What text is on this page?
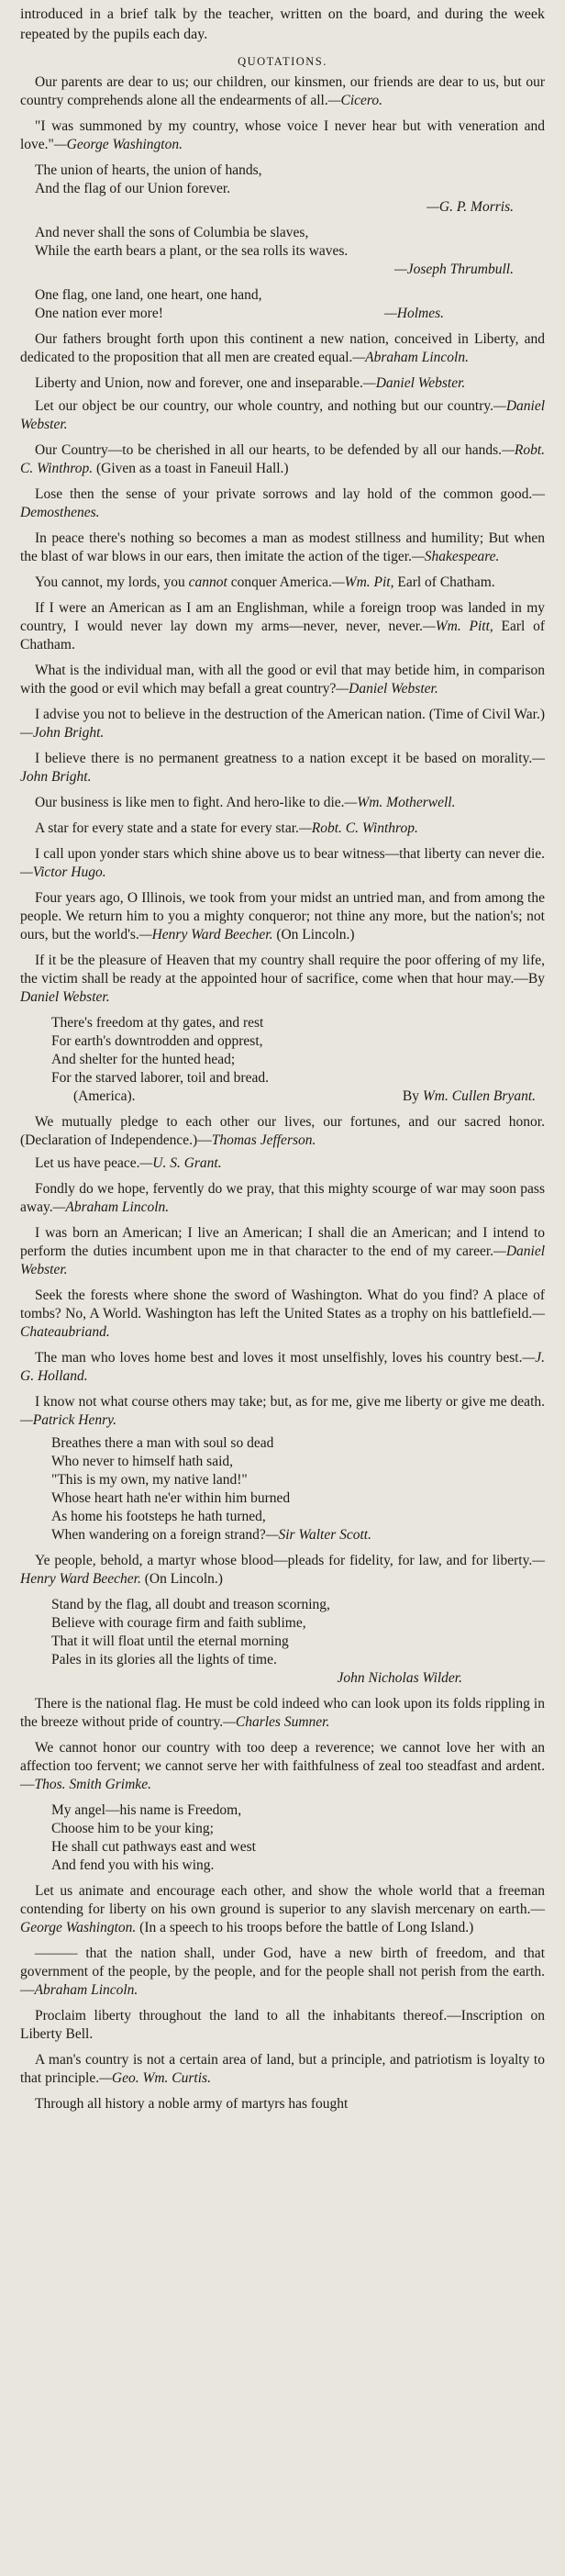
introduced in a brief talk by the teacher, written on the board, and during the week repeated by the pupils each day.

QUOTATIONS.

Our parents are dear to us; our children, our kinsmen, our friends are dear to us, but our country comprehends alone all the endearments of all.—Cicero.

"I was summoned by my country, whose voice I never hear but with veneration and love."—George Washington.

The union of hearts, the union of hands,
And the flag of our Union forever.
—G. P. Morris.
And never shall the sons of Columbia be slaves,
While the earth bears a plant, or the sea rolls its waves.
—Joseph Thrumbull.
One flag, one land, one heart, one hand,
One nation ever more!	—Holmes.

Our fathers brought forth upon this continent a new nation, conceived in Liberty, and dedicated to the proposition that all men are created equal.—Abraham Lincoln.

Liberty and Union, now and forever, one and inseparable.—Daniel Webster.

Let our object be our country, our whole country, and nothing but our country.—Daniel Webster.

Our Country—to be cherished in all our hearts, to be defended by all our hands.—Robt. C. Winthrop. (Given as a toast in Faneuil Hall.)

Lose then the sense of your private sorrows and lay hold of the common good.—Demosthenes.

In peace there's nothing so becomes a man as modest stillness and humility; But when the blast of war blows in our ears, then imitate the action of the tiger.—Shakespeare.

You cannot, my lords, you cannot conquer America.—Wm. Pit, Earl of Chatham.

If I were an American as I am an Englishman, while a foreign troop was landed in my country, I would never lay down my arms—never, never, never.—Wm. Pitt, Earl of Chatham.

What is the individual man, with all the good or evil that may betide him, in comparison with the good or evil which may befall a great country?—Daniel Webster.

I advise you not to believe in the destruction of the American nation. (Time of Civil War.)—John Bright.

I believe there is no permanent greatness to a nation except it be based on morality.—John Bright.

Our business is like men to fight. And hero-like to die.—Wm. Motherwell.

A star for every state and a state for every star.—Robt. C. Winthrop.

I call upon yonder stars which shine above us to bear witness—that liberty can never die.—Victor Hugo.

Four years ago, O Illinois, we took from your midst an untried man, and from among the people. We return him to you a mighty conqueror; not thine any more, but the nation's; not ours, but the world's.—Henry Ward Beecher. (On Lincoln.)

If it be the pleasure of Heaven that my country shall require the poor offering of my life, the victim shall be ready at the appointed hour of sacrifice, come when that hour may.—By Daniel Webster.

There's freedom at thy gates, and rest
For earth's downtrodden and opprest,
And shelter for the hunted head;
For the starved laborer, toil and bread.
(America).	By Wm. Cullen Bryant.

We mutually pledge to each other our lives, our fortunes, and our sacred honor. (Declaration of Independence.)—Thomas Jefferson.

Let us have peace.—U. S. Grant.

Fondly do we hope, fervently do we pray, that this mighty scourge of war may soon pass away.—Abraham Lincoln.

I was born an American; I live an American; I shall die an American; and I intend to perform the duties incumbent upon me in that character to the end of my career.—Daniel Webster.

Seek the forests where shone the sword of Washington. What do you find? A place of tombs? No, A World. Washington has left the United States as a trophy on his battlefield.—Chateaubriand.

The man who loves home best and loves it most unselfishly, loves his country best.—J. G. Holland.

I know not what course others may take; but, as for me, give me liberty or give me death.—Patrick Henry.

Breathes there a man with soul so dead
Who never to himself hath said,
"This is my own, my native land!"
Whose heart hath ne'er within him burned
As home his footsteps he hath turned,
When wandering on a foreign strand?—Sir Walter Scott.

Ye people, behold, a martyr whose blood—pleads for fidelity, for law, and for liberty.—Henry Ward Beecher. (On Lincoln.)

Stand by the flag, all doubt and treason scorning,
Believe with courage firm and faith sublime,
That it will float until the eternal morning
Pales in its glories all the lights of time.
John Nicholas Wilder.

There is the national flag. He must be cold indeed who can look upon its folds rippling in the breeze without pride of country.—Charles Sumner.

We cannot honor our country with too deep a reverence; we cannot love her with an affection too fervent; we cannot serve her with faithfulness of zeal too steadfast and ardent.—Thos. Smith Grimke.

My angel—his name is Freedom,
Choose him to be your king;
He shall cut pathways east and west
And fend you with his wing.

Let us animate and encourage each other, and show the whole world that a freeman contending for liberty on his own ground is superior to any slavish mercenary on earth.—George Washington. (In a speech to his troops before the battle of Long Island.)

——— that the nation shall, under God, have a new birth of freedom, and that government of the people, by the people, and for the people shall not perish from the earth.—Abraham Lincoln.

Proclaim liberty throughout the land to all the inhabitants thereof.—Inscription on Liberty Bell.

A man's country is not a certain area of land, but a principle, and patriotism is loyalty to that principle.—Geo. Wm. Curtis.

Through all history a noble army of martyrs has fought
